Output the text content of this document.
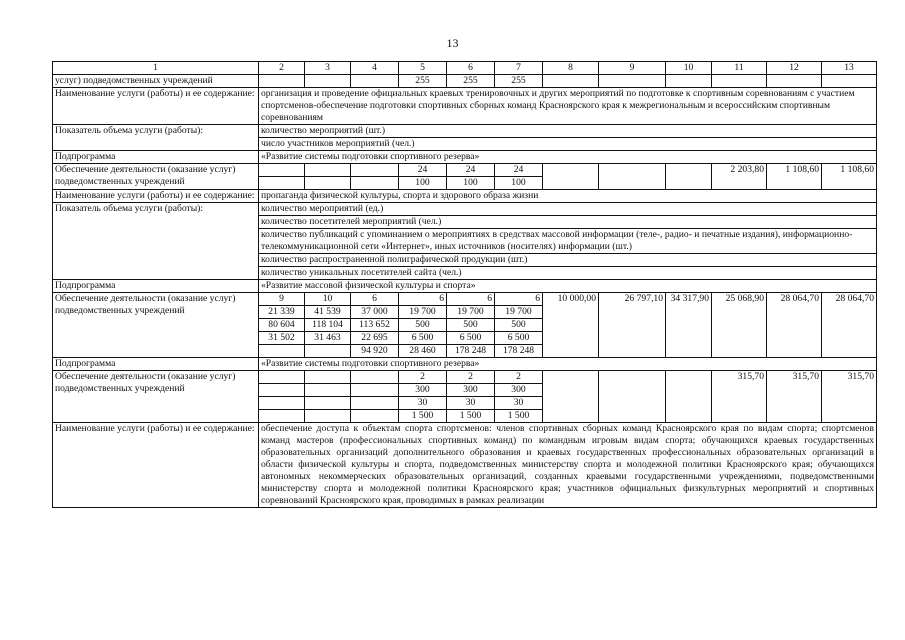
13
1	2	3	4	5	6	7	8	9	10	11	12	13
услуг) подведомственных учреждений				255	255	255						
Наименование услуги (работы) и ее содержание:	организация и проведение официальных краевых тренировочных и других мероприятий по подготовке к спортивным соревнованиям с участием спортсменов-обеспечение подготовки спортивных сборных команд Красноярского края к межрегиональным и всероссийским спортивным соревнованиям											
Показатель объема услуги (работы):	количество мероприятий (шт.)											
	число участников мероприятий (чел.)											
Подпрограмма	«Развитие системы подготовки спортивного резерва»											
Обеспечение деятельности (оказание услуг) подведомственных учреждений				24	24	24				2 203,80	1 108,60	1 108,60
				100	100	100						
Наименование услуги (работы) и ее содержание:	пропаганда физической культуры, спорта и здорового образа жизни											
Показатель объема услуги (работы):	количество мероприятий (ед.)											
	количество посетителей мероприятий (чел.)											
	количество публикаций с упоминанием о мероприятиях в средствах массовой информации (теле-, радио- и печатные издания), информационно-телекоммуникационной сети «Интернет», иных источников (носителях) информации (шт.)											
	количество распространенной полиграфической продукции (шт.)											
	количество уникальных посетителей сайта (чел.)											
Подпрограмма	«Развитие массовой физической культуры и спорта»											
Обеспечение деятельности (оказание услуг) подведомственных учреждений	9	10	6	6	6	6	10 000,00	26 797,10	34 317,90	25 068,90	28 064,70	28 064,70
	21 339	41 539	37 000	19 700	19 700	19 700						
	80 604	118 104	113 652	500	500	500						
	31 502	31 463	22 695	6 500	6 500	6 500						
			94 920	28 460	178 248	178 248						
Подпрограмма	«Развитие системы подготовки спортивного резерва»											
Обеспечение деятельности (оказание услуг) подведомственных учреждений				2	2	2				315,70	315,70	315,70
				300	300	300						
				30	30	30						
				1 500	1 500	1 500						
Наименование услуги (работы) и ее содержание:	обеспечение доступа к объектам спорта спортсменов: членов спортивных сборных команд Красноярского края по видам спорта; спортсменов команд мастеров (профессиональных спортивных команд) по командным игровым видам спорта; обучающихся краевых государственных образовательных организаций дополнительного образования и краевых государственных профессиональных образовательных организаций в области физической культуры и спорта, подведомственных министерству спорта и молодежной политики Красноярского края; обучающихся автономных некоммерческих образовательных организаций, созданных краевыми государственными учреждениями, подведомственными министерству спорта и молодежной политики Красноярского края; участников официальных физкультурных мероприятий и спортивных соревнований Красноярского края, проводимых в рамках реализации											
